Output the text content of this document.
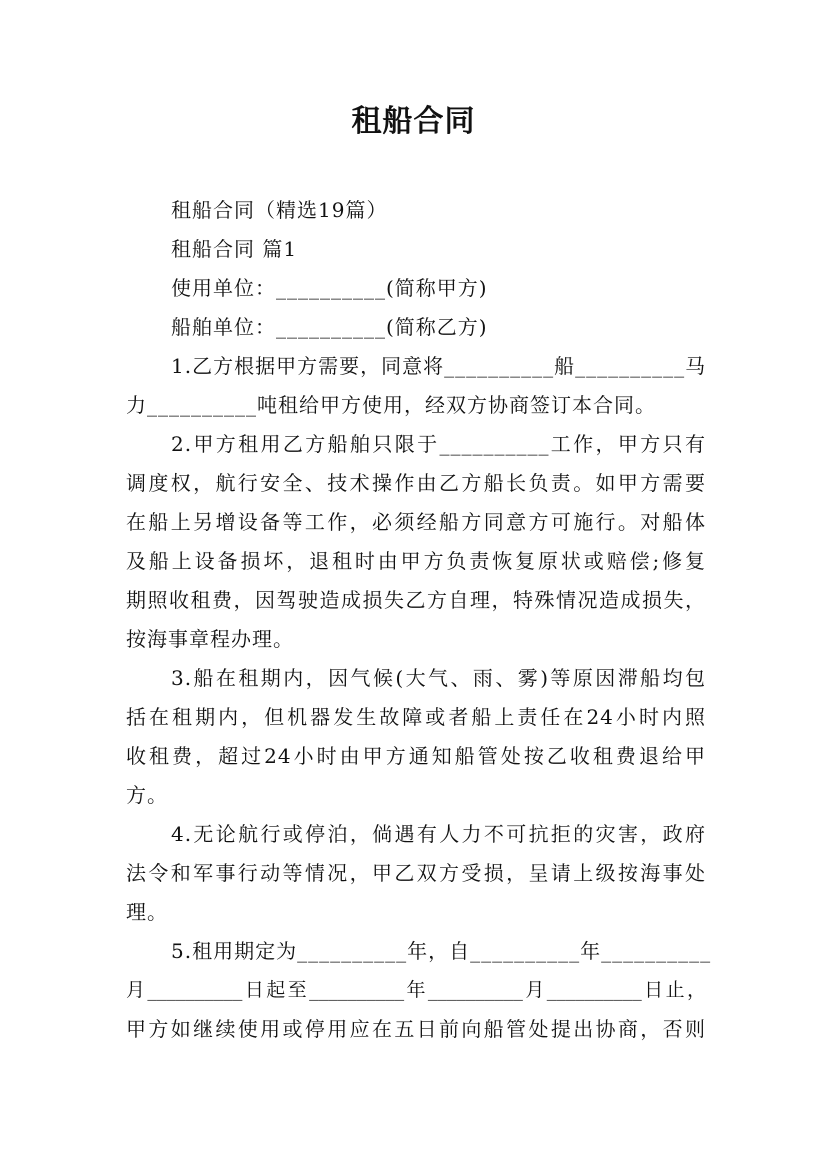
租船合同
租船合同（精选19篇）
租船合同 篇1
使用单位：__________(简称甲方)
船舶单位：__________(简称乙方)
1.乙方根据甲方需要，同意将__________船__________马
力__________吨租给甲方使用，经双方协商签订本合同。
2.甲方租用乙方船舶只限于__________工作，甲方只有
调度权，航行安全、技术操作由乙方船长负责。如甲方需要
在船上另增设备等工作，必须经船方同意方可施行。对船体
及船上设备损坏，退租时由甲方负责恢复原状或赔偿;修复
期照收租费，因驾驶造成损失乙方自理，特殊情况造成损失，
按海事章程办理。
3.船在租期内，因气候(大气、雨、雾)等原因滞船均包
括在租期内，但机器发生故障或者船上责任在24小时内照
收租费，超过24小时由甲方通知船管处按乙收租费退给甲
方。
4.无论航行或停泊，倘遇有人力不可抗拒的灾害，政府
法令和军事行动等情况，甲乙双方受损，呈请上级按海事处
理。
5.租用期定为__________年，自__________年__________
月__________日起至__________年__________月__________日止，
甲方如继续使用或停用应在五日前向船管处提出协商，否则
